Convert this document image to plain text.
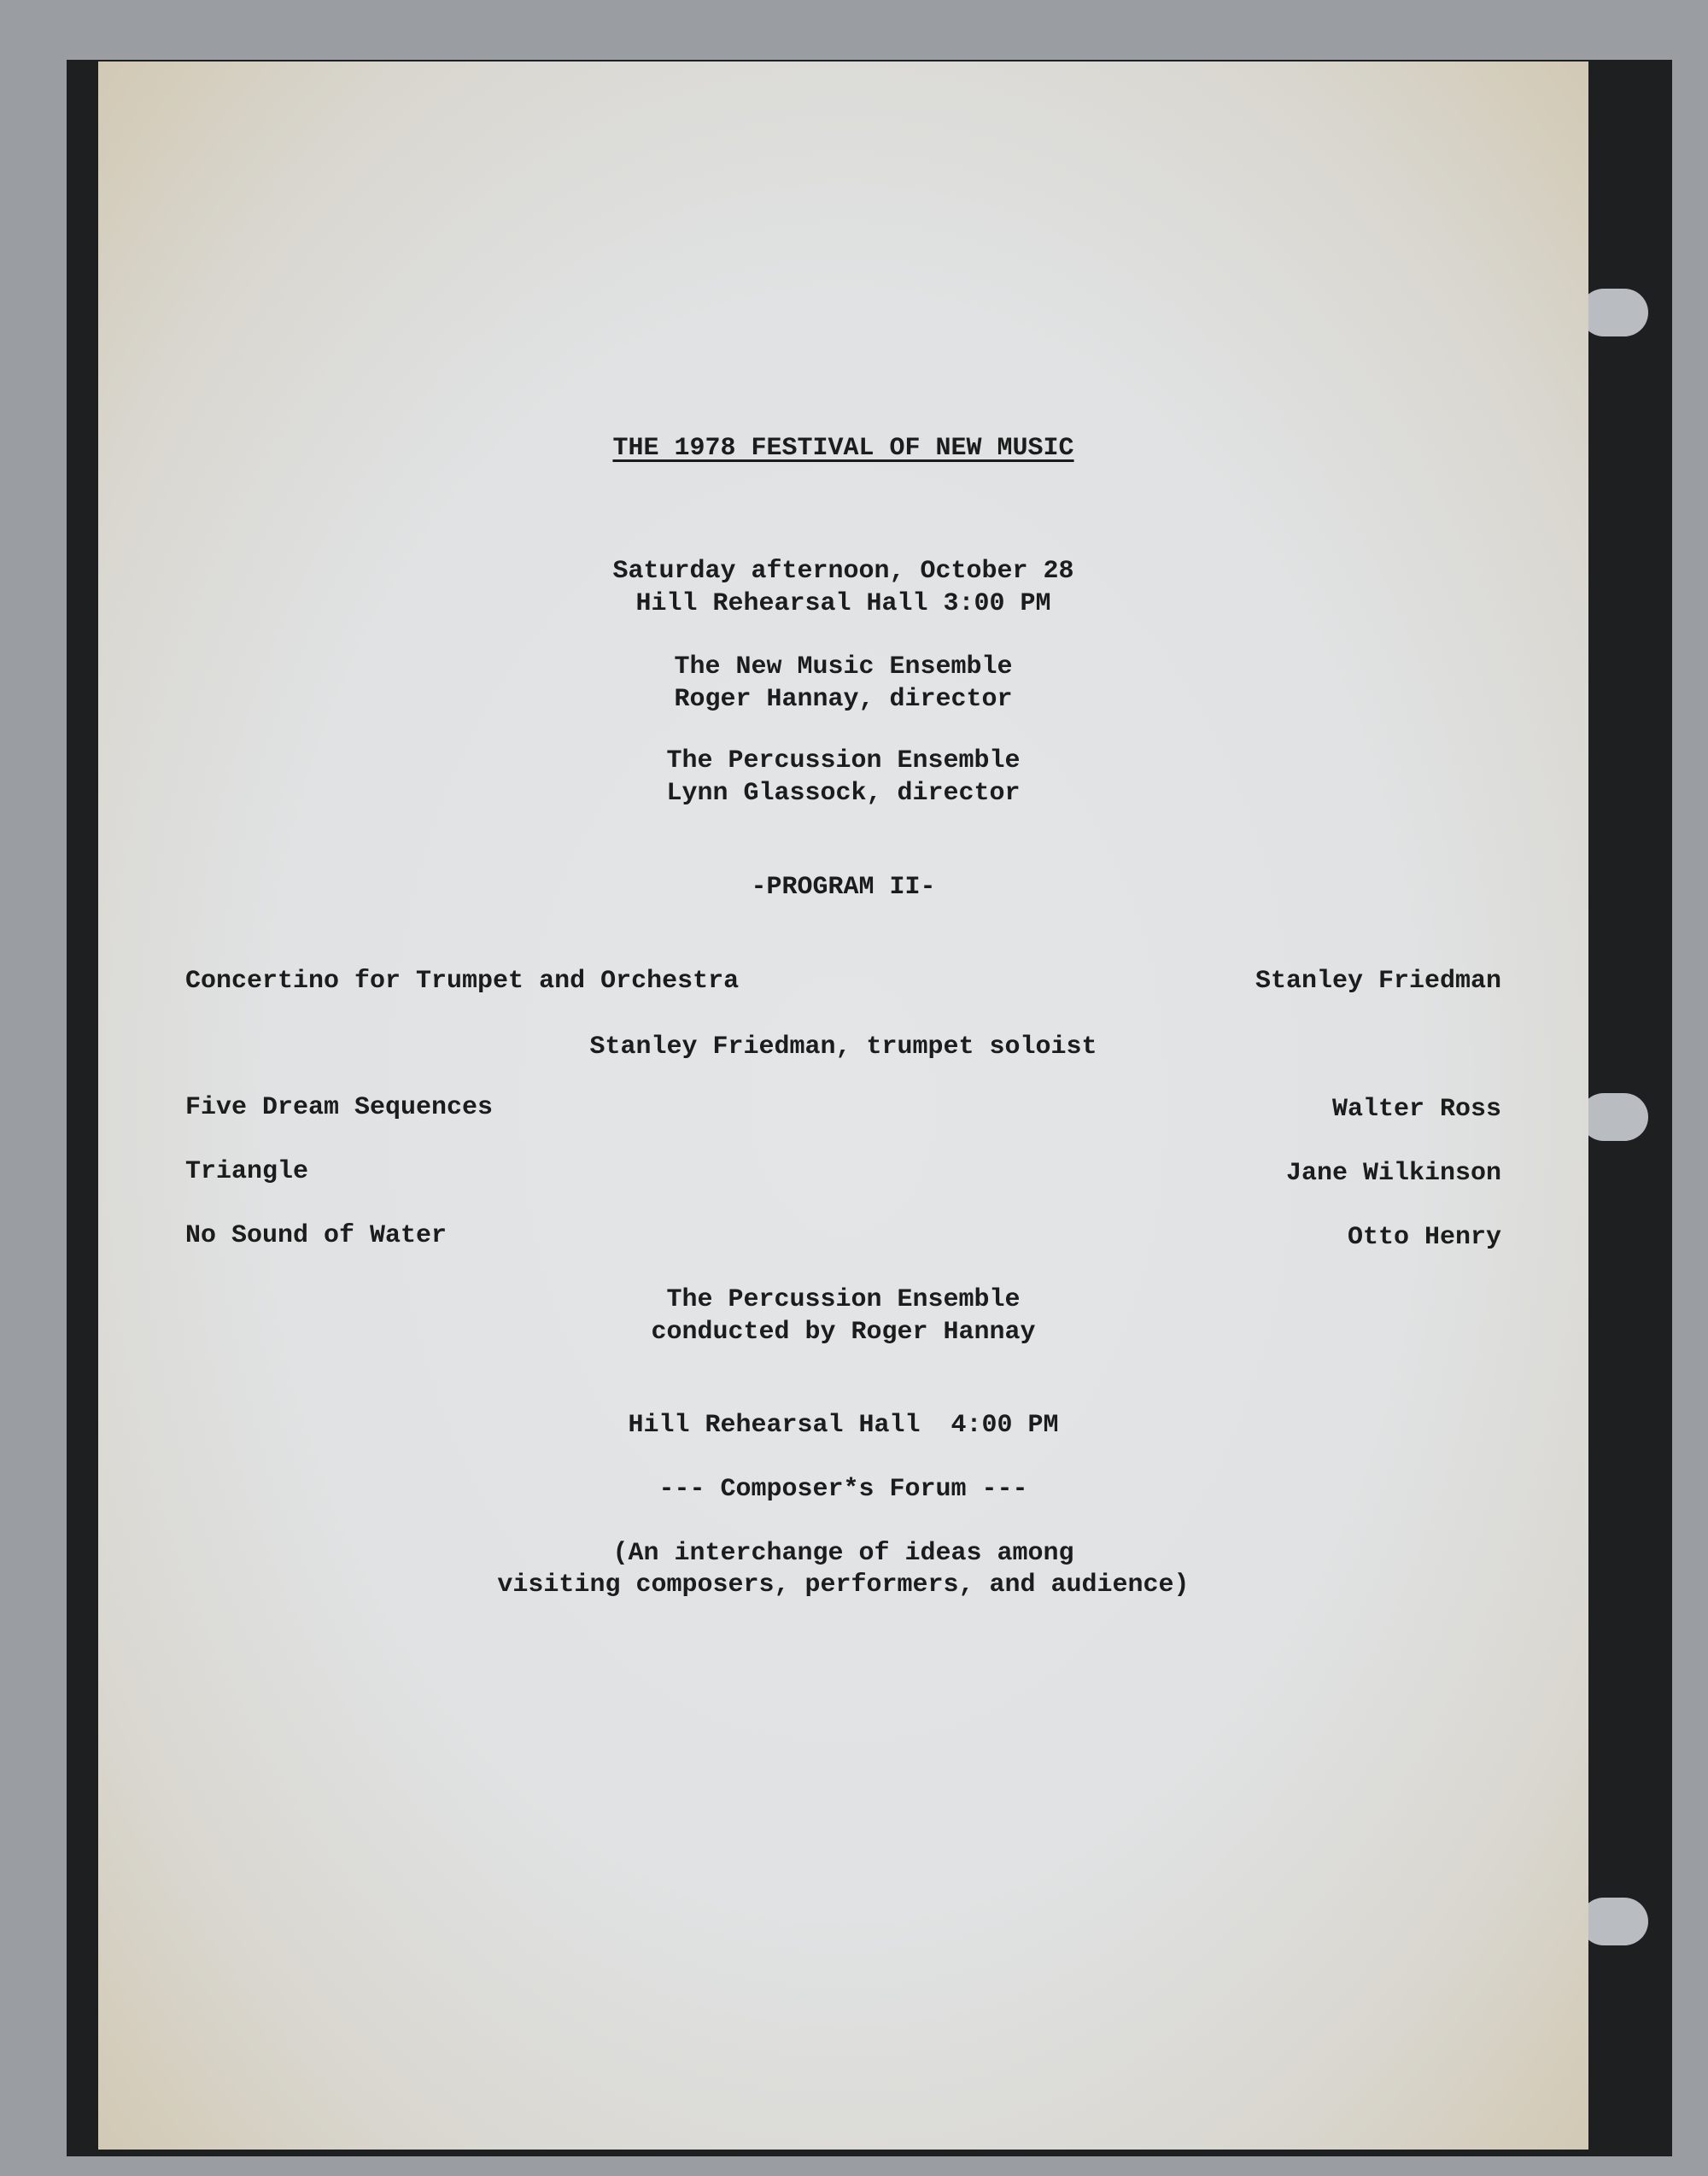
THE 1978 FESTIVAL OF NEW MUSIC
Saturday afternoon, October 28
Hill Rehearsal Hall 3:00 PM
The New Music Ensemble
Roger Hannay, director
The Percussion Ensemble
Lynn Glassock, director
-PROGRAM II-
Concertino for Trumpet and Orchestra	Stanley Friedman
Stanley Friedman, trumpet soloist
Five Dream Sequences	Walter Ross
Triangle	Jane Wilkinson
No Sound of Water	Otto Henry
The Percussion Ensemble
conducted by Roger Hannay
Hill Rehearsal Hall  4:00 PM
--- Composer*s Forum ---
(An interchange of ideas among
visiting composers, performers, and audience)
